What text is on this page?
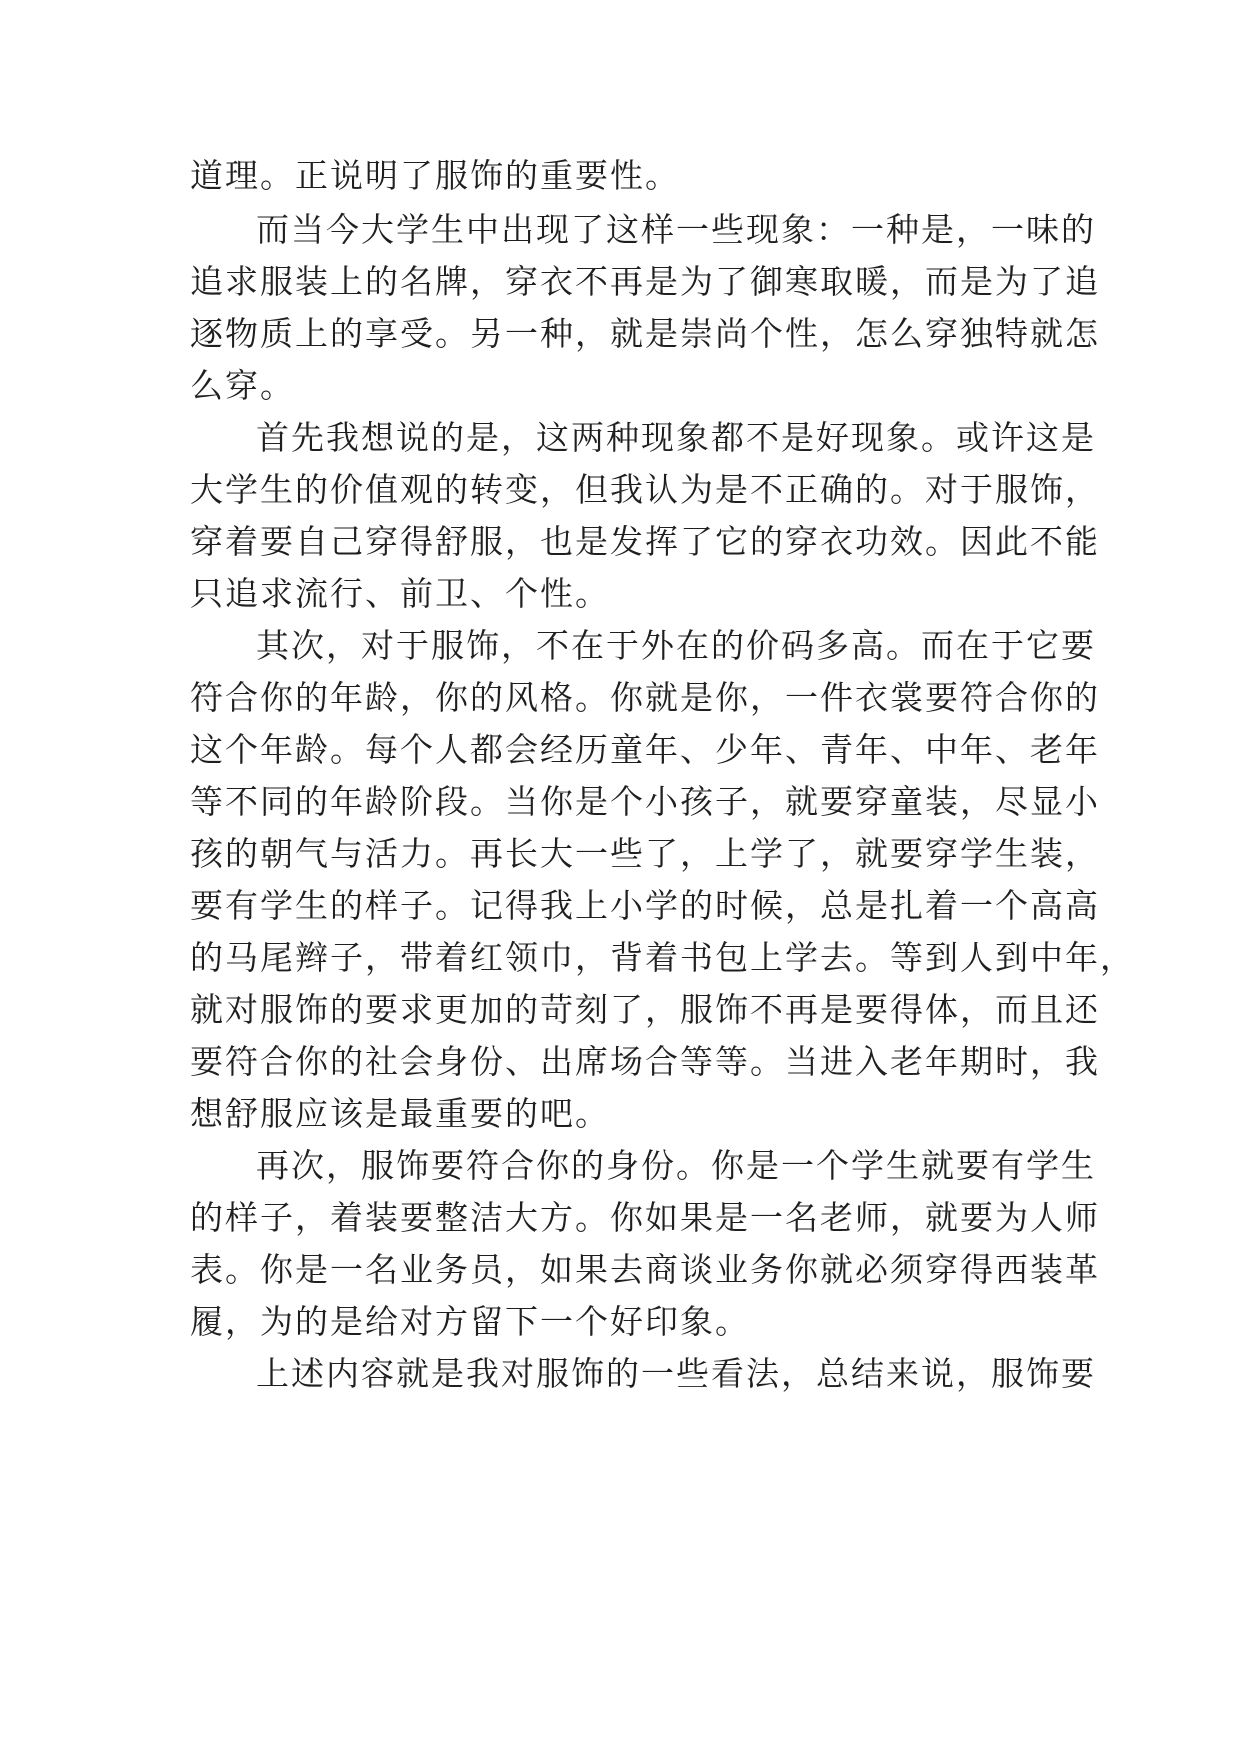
道理。正说明了服饰的重要性。
而当今大学生中出现了这样一些现象：一种是，一味的
追求服装上的名牌，穿衣不再是为了御寒取暖，而是为了追
逐物质上的享受。另一种，就是崇尚个性，怎么穿独特就怎
么穿。
首先我想说的是，这两种现象都不是好现象。或许这是
大学生的价值观的转变，但我认为是不正确的。对于服饰，
穿着要自己穿得舒服，也是发挥了它的穿衣功效。因此不能
只追求流行、前卫、个性。
其次，对于服饰，不在于外在的价码多高。而在于它要
符合你的年龄，你的风格。你就是你，一件衣裳要符合你的
这个年龄。每个人都会经历童年、少年、青年、中年、老年
等不同的年龄阶段。当你是个小孩子，就要穿童装，尽显小
孩的朝气与活力。再长大一些了，上学了，就要穿学生装，
要有学生的样子。记得我上小学的时候，总是扎着一个高高
的马尾辫子，带着红领巾，背着书包上学去。等到人到中年，
就对服饰的要求更加的苛刻了，服饰不再是要得体，而且还
要符合你的社会身份、出席场合等等。当进入老年期时，我
想舒服应该是最重要的吧。
再次，服饰要符合你的身份。你是一个学生就要有学生
的样子，着装要整洁大方。你如果是一名老师，就要为人师
表。你是一名业务员，如果去商谈业务你就必须穿得西装革
履，为的是给对方留下一个好印象。
上述内容就是我对服饰的一些看法，总结来说，服饰要
